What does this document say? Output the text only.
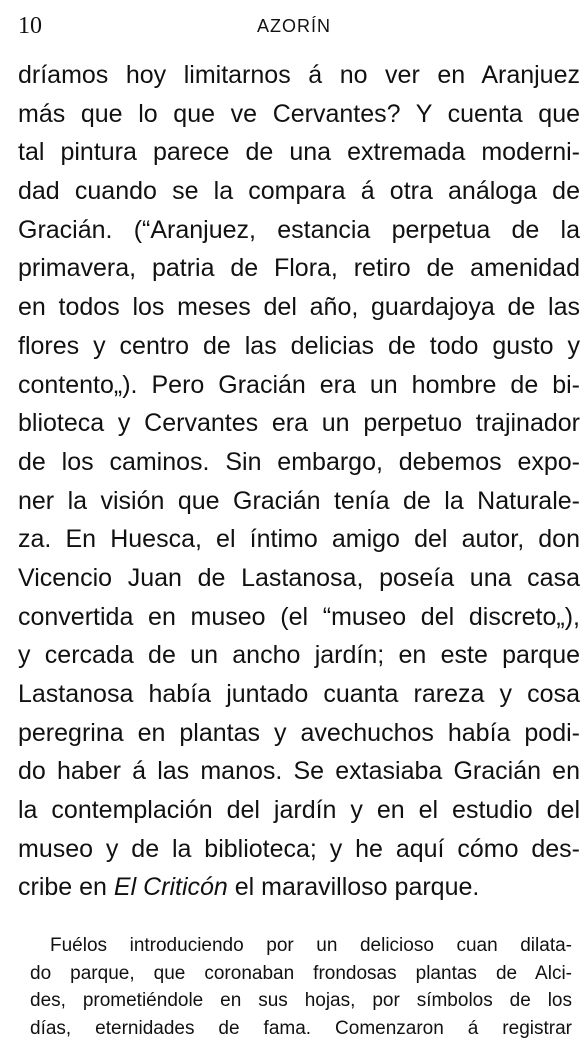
10	AZORÍN
dríamos hoy limitarnos á no ver en Aranjuez
más que lo que ve Cervantes? Y cuenta que
tal pintura parece de una extremada moderni-
dad cuando se la compara á otra análoga de
Gracián. (“Aranjuez, estancia perpetua de la
primavera, patria de Flora, retiro de amenidad
en todos los meses del año, guardajoya de las
flores y centro de las delicias de todo gusto y
contento„). Pero Gracián era un hombre de bi-
blioteca y Cervantes era un perpetuo trajinador
de los caminos. Sin embargo, debemos expo-
ner la visión que Gracián tenía de la Naturale-
za. En Huesca, el íntimo amigo del autor, don
Vicencio Juan de Lastanosa, poseía una casa
convertida en museo (el “museo del discreto„),
y cercada de un ancho jardín; en este parque
Lastanosa había juntado cuanta rareza y cosa
peregrina en plantas y avechuchos había podi-
do haber á las manos. Se extasiaba Gracián en
la contemplación del jardín y en el estudio del
museo y de la biblioteca; y he aquí cómo des-
cribe en El Criticón el maravilloso parque.
Fuélos introduciendo por un delicioso cuan dilata-
do parque, que coronaban frondosas plantas de Alci-
des, prometiéndole en sus hojas, por símbolos de los
días, eternidades de fama. Comenzaron á registrar
